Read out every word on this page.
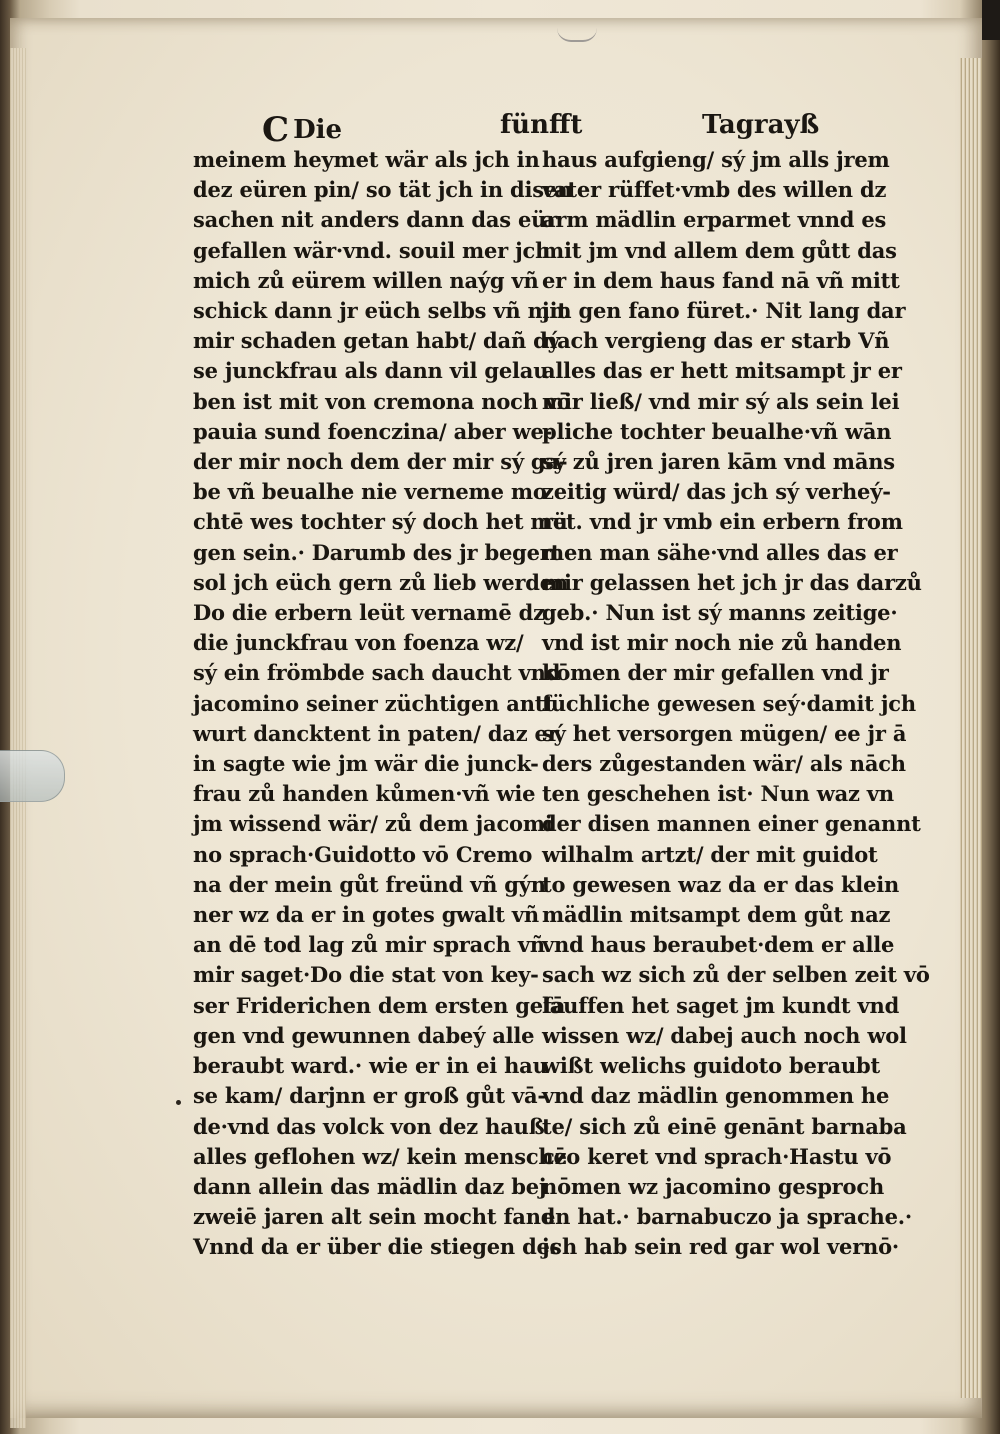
C Die	fünfft	Tagrayß
meinem heymet wär als jch in
dez eüren pin/ so tät jch in disen
sachen nit anders dann das eür
gefallen wär·vnd. souil mer jch
mich zů eürem willen naýg vñ
schick dann jr eüch selbs vñ mit
mir schaden getan habt/ dañ dý
se junckfrau als dann vil gelau
ben ist mit von cremona noch vō
pauia sund foenczina/ aber we-
der mir noch dem der mir sý ga-
be vñ beualhe nie verneme mo
chtē wes tochter sý doch het mü
gen sein.· Darumb des jr begert
sol jch eüch gern zů lieb werden
Do die erbern leüt vernamē dz
die junckfrau von foenza wz/
sý ein frömbde sach daucht vnd
jacomino seiner züchtigen antt
wurt dancktent in paten/ daz er
in sagte wie jm wär die junck-
frau zů handen kůmen·vñ wie
jm wissend wär/ zů dem jacomi
no sprach·Guidotto vō Cremo
na der mein gůt freünd vñ gýn
ner wz da er in gotes gwalt vñ
an dē tod lag zů mir sprach vñ
mir saget·Do die stat von key-
ser Friderichen dem ersten gefā
gen vnd gewunnen dabeý alle
beraubt ward.· wie er in ei hau
se kam/ darjnn er groß gůt vā-
de·vnd das volck von dez hauß
alles geflohen wz/ kein menschē
dann allein das mädlin daz bej
zweiē jaren alt sein mocht fand
Vnnd da er über die stiegen des
haus aufgieng/ sý jm alls jrem
vater rüffet·vmb des willen dz
arm mädlin erparmet vnnd es
mit jm vnd allem dem gůtt das
er in dem haus fand nā vñ mitt
jm gen fano füret.· Nit lang dar
nach vergieng das er starb Vñ
alles das er hett mitsampt jr er
mir ließ/ vnd mir sý als sein lei
pliche tochter beualhe·vñ wān
sý zů jren jaren kām vnd māns
zeitig würd/ das jch sý verheý-
ret. vnd jr vmb ein erbern from
men man sähe·vnd alles das er
mir gelassen het jch jr das darzů
geb.· Nun ist sý manns zeitige·
vnd ist mir noch nie zů handen
kōmen der mir gefallen vnd jr
füchliche gewesen seý·damit jch
sý het versorgen mügen/ ee jr ā
ders zůgestanden wär/ als nāch
ten geschehen ist· Nun waz vn
der disen mannen einer genannt
wilhalm artzt/ der mit guidot
to gewesen waz da er das klein
mädlin mitsampt dem gůt naz
vnd haus beraubet·dem er alle
sach wz sich zů der selben zeit vō
lauffen het saget jm kundt vnd
wissen wz/ dabej auch noch wol
wißt welichs guidoto beraubt
vnd daz mädlin genommen he
te/ sich zů einē genānt barnaba
czo keret vnd sprach·Hastu vō
nōmen wz jacomino gesproch
en hat.· barnabuczo ja sprache.·
jch hab sein red gar wol vernō·
